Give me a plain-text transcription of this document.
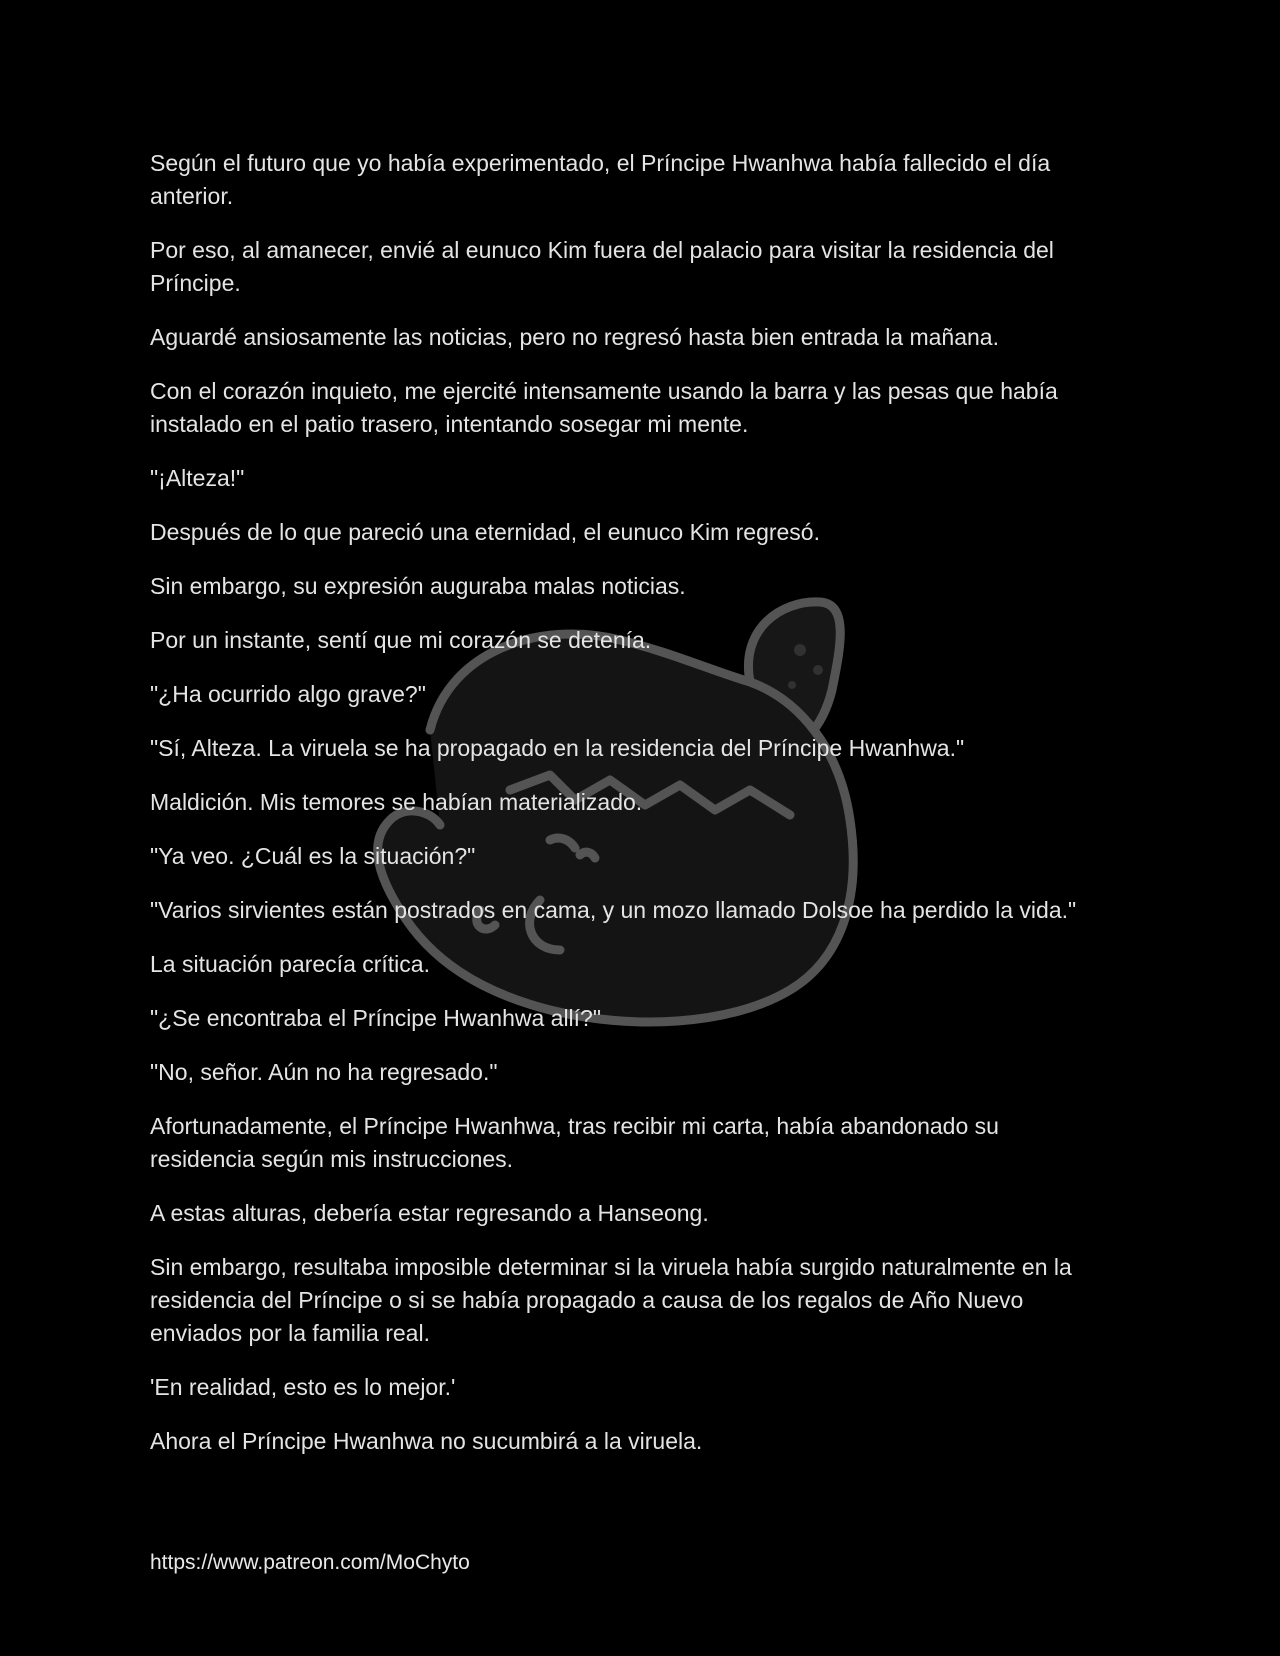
Según el futuro que yo había experimentado, el Príncipe Hwanhwa había fallecido el día anterior.

Por eso, al amanecer, envié al eunuco Kim fuera del palacio para visitar la residencia del Príncipe.

Aguardé ansiosamente las noticias, pero no regresó hasta bien entrada la mañana.

Con el corazón inquieto, me ejercité intensamente usando la barra y las pesas que había instalado en el patio trasero, intentando sosegar mi mente.

"¡Alteza!"

Después de lo que pareció una eternidad, el eunuco Kim regresó.

Sin embargo, su expresión auguraba malas noticias.

Por un instante, sentí que mi corazón se detenía.

"¿Ha ocurrido algo grave?"

"Sí, Alteza. La viruela se ha propagado en la residencia del Príncipe Hwanhwa."

Maldición. Mis temores se habían materializado.

"Ya veo. ¿Cuál es la situación?"

"Varios sirvientes están postrados en cama, y un mozo llamado Dolsoe ha perdido la vida."

La situación parecía crítica.

"¿Se encontraba el Príncipe Hwanhwa allí?"

"No, señor. Aún no ha regresado."

Afortunadamente, el Príncipe Hwanhwa, tras recibir mi carta, había abandonado su residencia según mis instrucciones.

A estas alturas, debería estar regresando a Hanseong.

Sin embargo, resultaba imposible determinar si la viruela había surgido naturalmente en la residencia del Príncipe o si se había propagado a causa de los regalos de Año Nuevo enviados por la familia real.

'En realidad, esto es lo mejor.'

Ahora el Príncipe Hwanhwa no sucumbirá a la viruela.

https://www.patreon.com/MoChyto
